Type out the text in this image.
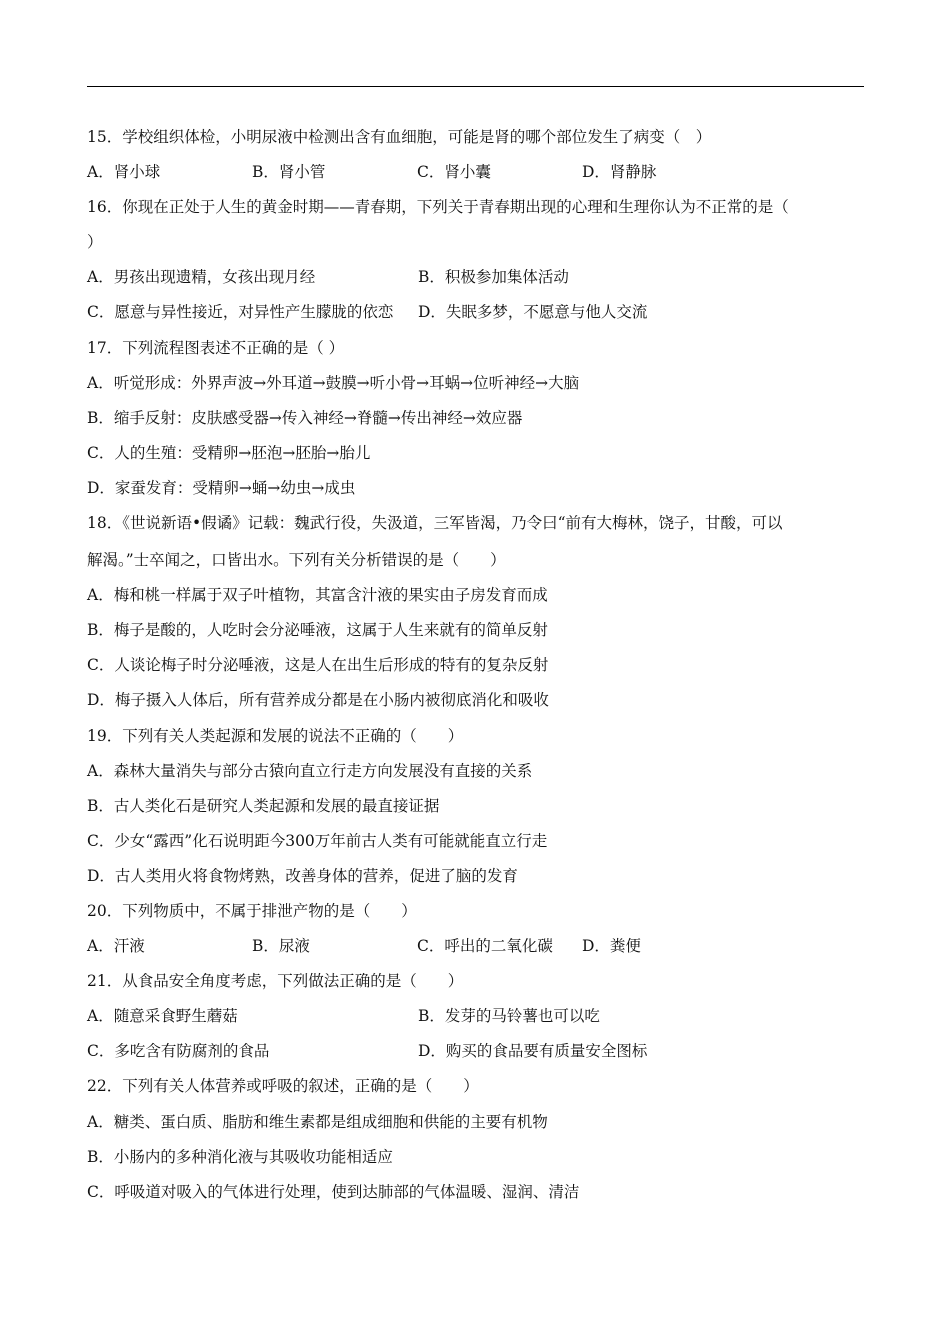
15．学校组织体检，小明尿液中检测出含有血细胞，可能是肾的哪个部位发生了病变（　）
A．肾小球	B．肾小管	C．肾小囊	D．肾静脉
16．你现在正处于人生的黄金时期——青春期，下列关于青春期出现的心理和生理你认为不正常的是（
）
A．男孩出现遗精，女孩出现月经	B．积极参加集体活动
C．愿意与异性接近，对异性产生朦胧的依恋 D．失眠多梦，不愿意与他人交流
17．下列流程图表述不正确的是（ ）
A．听觉形成：外界声波→外耳道→鼓膜→听小骨→耳蜗→位听神经→大脑
B．缩手反射：皮肤感受器→传入神经→脊髓→传出神经→效应器
C．人的生殖：受精卵→胚泡→胚胎→胎儿
D．家蚕发育：受精卵→蛹→幼虫→成虫
18．《世说新语•假谲》记载：魏武行役，失汲道，三军皆渴，乃令曰“前有大梅林，饶子，甘酸，可以
解渴。”士卒闻之，口皆出水。下列有关分析错误的是（　　）
A．梅和桃一样属于双子叶植物，其富含汁液的果实由子房发育而成
B．梅子是酸的，人吃时会分泌唾液，这属于人生来就有的简单反射
C．人谈论梅子时分泌唾液，这是人在出生后形成的特有的复杂反射
D．梅子摄入人体后，所有营养成分都是在小肠内被彻底消化和吸收
19．下列有关人类起源和发展的说法不正确的（　　）
A．森林大量消失与部分古猿向直立行走方向发展没有直接的关系
B．古人类化石是研究人类起源和发展的最直接证据
C．少女“露西”化石说明距今300万年前古人类有可能就能直立行走
D．古人类用火将食物烤熟，改善身体的营养，促进了脑的发育
20．下列物质中，不属于排泄产物的是（　　）
A．汗液	B．尿液	C．呼出的二氧化碳 D．粪便
21．从食品安全角度考虑，下列做法正确的是（　　）
A．随意采食野生蘑菇	B．发芽的马铃薯也可以吃
C．多吃含有防腐剂的食品	D．购买的食品要有质量安全图标
22．下列有关人体营养或呼吸的叙述，正确的是（　　）
A．糖类、蛋白质、脂肪和维生素都是组成细胞和供能的主要有机物
B．小肠内的多种消化液与其吸收功能相适应
C．呼吸道对吸入的气体进行处理，使到达肺部的气体温暖、湿润、清洁
